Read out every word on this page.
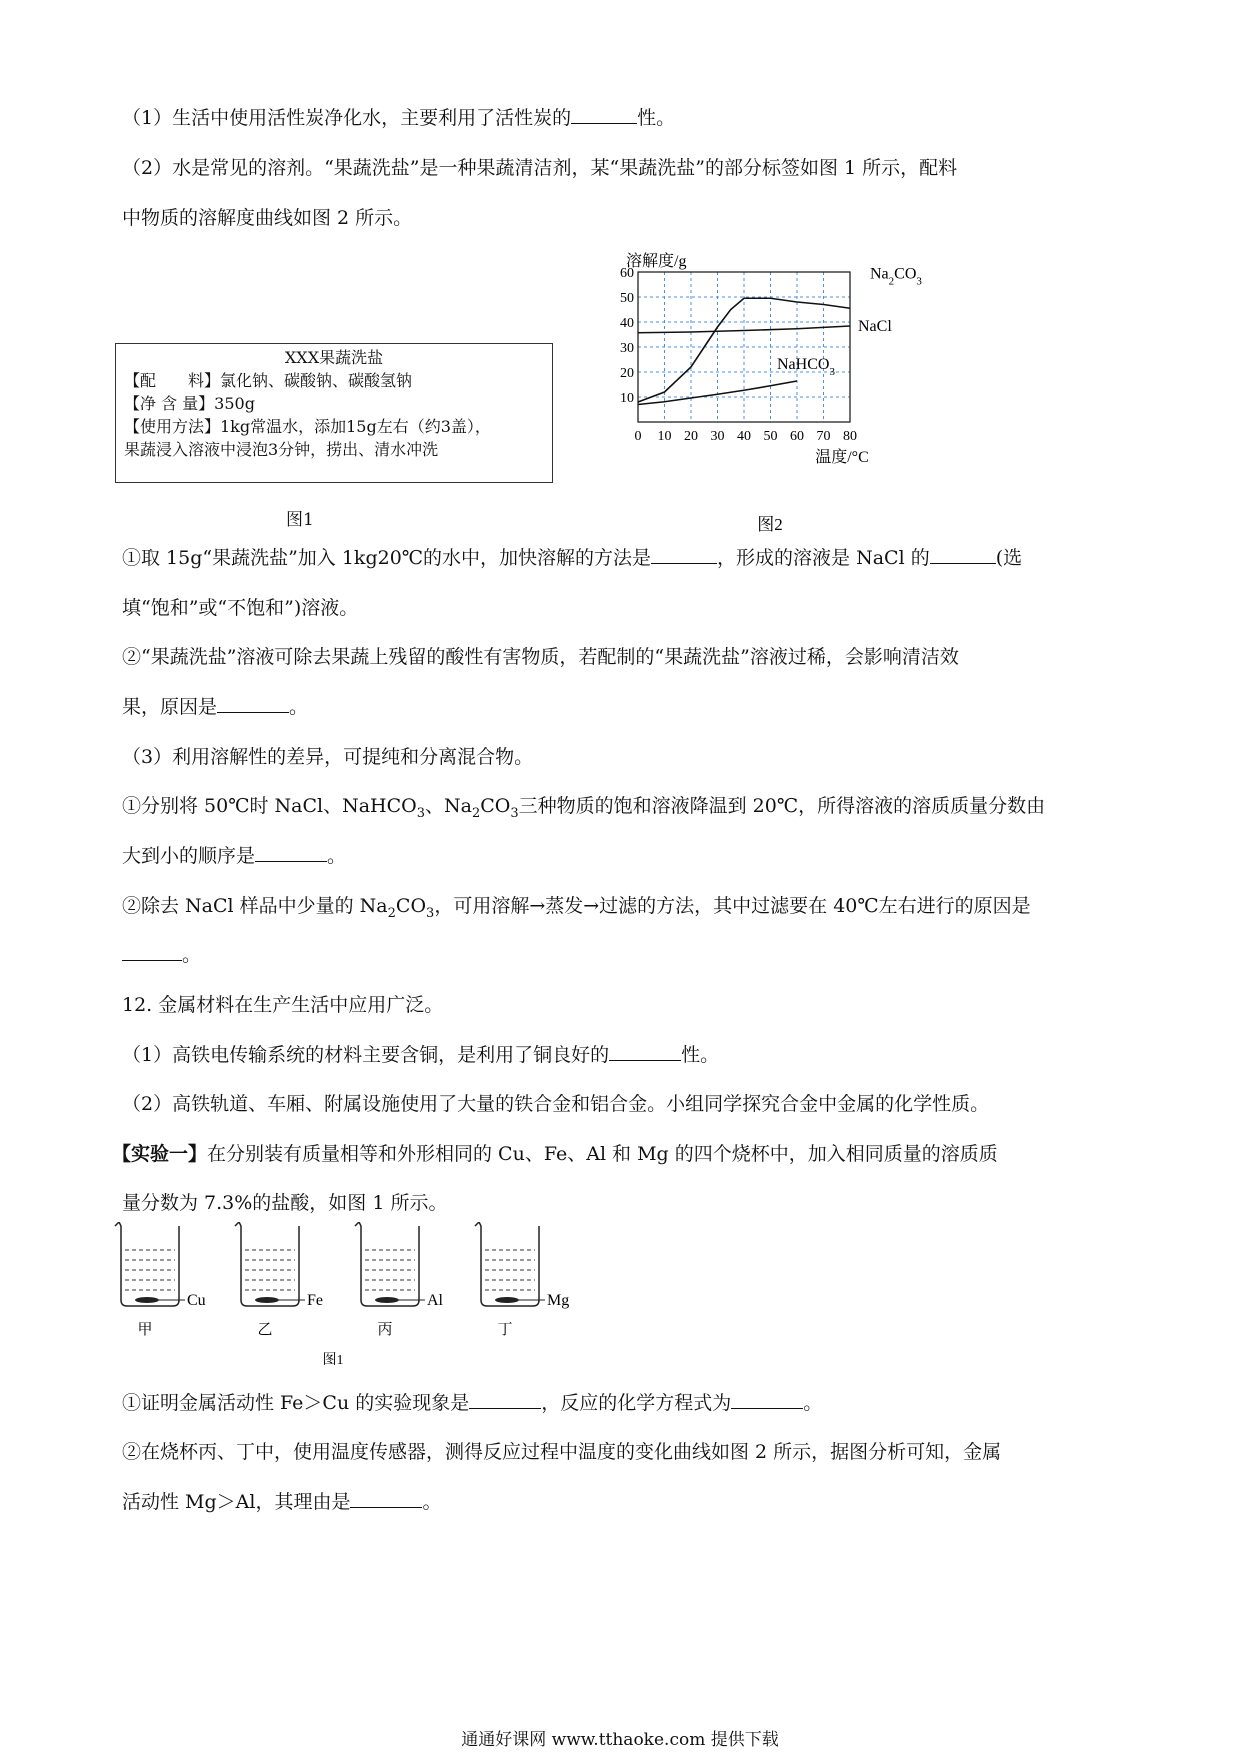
（1）生活中使用活性炭净化水，主要利用了活性炭的	性。
（2）水是常见的溶剂。“果蔬洗盐”是一种果蔬清洁剂，某“果蔬洗盐”的部分标签如图 1 所示，配料
中物质的溶解度曲线如图 2 所示。
XXX果蔬洗盐
【配　　料】氯化钠、碳酸钠、碳酸氢钠
【净 含 量】350g
【使用方法】1kg常温水，添加15g左右（约3盖），
果蔬浸入溶液中浸泡3分钟，捞出、清水冲洗
图1
0 10 20 30 40 50 60 70 80
10
20
30
40
50
60
溶解度/g
温度/°C
$Na_2CO_3$
NaCl
NaHCO$_3$
图2
①取 15g“果蔬洗盐”加入 1kg20℃的水中，加快溶解的方法是	，形成的溶液是 NaCl 的	(选
填“饱和”或“不饱和”)溶液。
②“果蔬洗盐”溶液可除去果蔬上残留的酸性有害物质，若配制的“果蔬洗盐”溶液过稀，会影响清洁效
果，原因是	。
（3）利用溶解性的差异，可提纯和分离混合物。
①分别将 50℃时 NaCl、NaHCO$_3$、$Na_2CO_3$三种物质的饱和溶液降温到 20℃，所得溶液的溶质质量分数由
大到小的顺序是	。
②除去 NaCl 样品中少量的 $Na_2CO_3$，可用溶解→蒸发→过滤的方法，其中过滤要在 40℃左右进行的原因是
。
12. 金属材料在生产生活中应用广泛。
（1）高铁电传输系统的材料主要含铜，是利用了铜良好的	性。
（2）高铁轨道、车厢、附属设施使用了大量的铁合金和铝合金。小组同学探究合金中金属的化学性质。
【实验一】在分别装有质量相等和外形相同的 Cu、Fe、Al 和 Mg 的四个烧杯中，加入相同质量的溶质质
量分数为 7.3%的盐酸，如图 1 所示。
Cu
甲
Fe
乙
Al
丙
Mg
丁
图1
①证明金属活动性 Fe＞Cu 的实验现象是	，反应的化学方程式为	。
②在烧杯丙、丁中，使用温度传感器，测得反应过程中温度的变化曲线如图 2 所示，据图分析可知，金属
活动性 Mg＞Al，其理由是	。
通通好课网 www.tthaoke.com 提供下载
